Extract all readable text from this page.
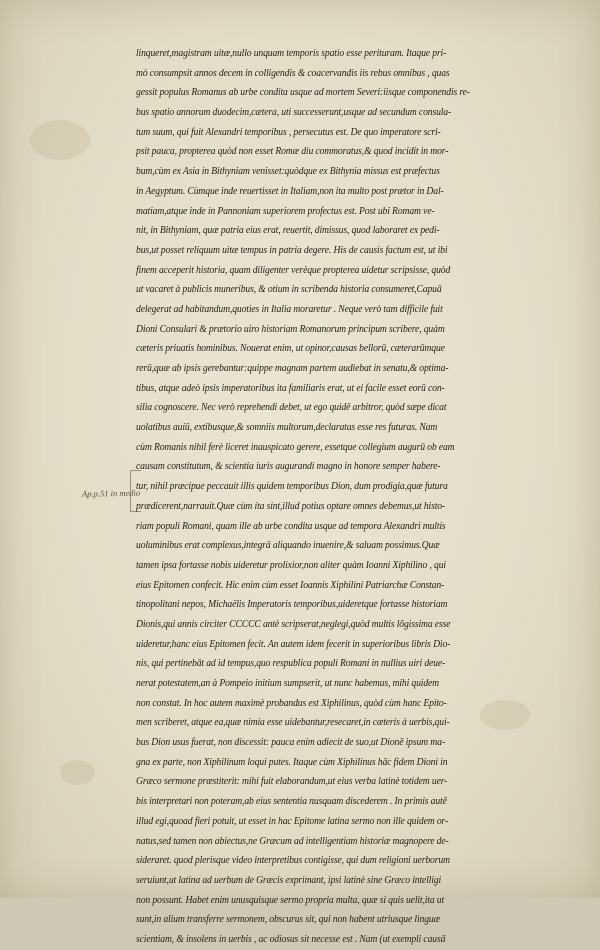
Ap.p.51 in medio
linqueret,magistram uitæ,nullo unquam temporis spatio esse perituram. Itaque pri-
mò consumpsit annos decem in colligendis & coacervandis iis rebus omnibus , quas
gessit populus Romanus ab urbe condita usque ad mortem Severi:iisque componendis re-
bus spatio annorum duodecim,cætera, uti successerunt,usque ad secundum consula-
tum suum, qui fuit Alexandri temporibus , persecutus est. De quo imperatore scri-
psit pauca, propterea quòd non esset Romæ diu commoratus,& quod incidit in mor-
bum,cùm ex Asia in Bithyniam venisset:quòdque ex Bithynia missus est præfectus
in Aegyptum. Cùmque inde reuertisset in Italiam,non ita multo post prætor in Dal-
matiam,atque inde in Pannoniam superiorem profectus est. Post ubi Romam ve-
nit, in Bithyniam, quæ patria eius erat, reuertit, dimissus, quod laboraret ex pedi-
bus,ut posset reliquum uitæ tempus in patria degere. His de causis factum est, ut ibi
finem acceperit historia, quam diligenter verèque propterea uidetur scripsisse, quòd
ut vacaret à publicis muneribus, & otium in scribenda historia consumeret,Capuā
delegerat ad habitandum,quoties in Italia moraretur . Neque verò tam difficile fuit
Dioni Consulari & prætorio uiro historiam Romanorum principum scribere, quàm
cæteris priuatis hominibus. Nouerat enim, ut opinor,causas bellorū, cæterarūmque
rerū,quæ ab ipsis gerebantur:quippe magnam partem audiebat in senatu,& optima-
tibus, atque adeò ipsis imperatoribus ita familiaris erat, ut ei facile esset eorū con-
silia cognoscere. Nec verò reprehendi debet, ut ego quidē arbitror, quòd sæpe dicat
uolatibus auiū, extibusque,& somniis multorum,declaratas esse res futuras. Nam
cùm Romanis nihil ferè liceret inauspicato gerere, essetque collegium augurū ob eam
causam constitutum, & scientia iuris augurandi magno in honore semper habere-
tur, nihil præcipue peccauit illis quidem temporibus Dion, dum prodigia,quæ futura
prædicerent,narrauit.Quæ cùm ita sint,illud potius optare omnes debemus,ut histo-
riam populi Romani, quam ille ab urbe condita usque ad tempora Alexandri multis
uoluminibus erat complexus,integrā aliquando inuenire,& saluam possimus.Quæ
tamen ipsa fortasse nobis uideretur prolixior,non aliter quàm Ioanni Xiphilino , qui
eius Epitomen confecit. Hic enim cùm esset Ioannis Xiphilini Patriarchæ Constan-
tinopolitani nepos, Michaëlis Imperatoris temporibus,uideretque fortasse historiam
Dionis,qui annis circiter CCCCC antè scripserat,neglegi,quòd multis lōgissima esse
uideretur,hanc eius Epitomen fecit. An autem idem fecerit in superioribus libris Dio-
nis, qui pertinebāt ad id tempus,quo respublica populi Romani in nullius uiri deue-
nerat potestatem,an à Pompeio initium sumpserit, ut nunc habemus, mihi quidem
non constat. In hoc autem maximè probandus est Xiphilinus, quòd cùm hanc Epito-
men scriberet, atque ea,quæ nimia esse uidebantur,resecaret,in cæteris à uerbis,qui-
bus Dion usus fuerat, non discessit: pauca enim adiecit de suo,ut Dionē ipsum ma-
gna ex parte, non Xiphilinum loqui putes. Itaque cùm Xiphilinus hāc fidem Dioni in
Græco sermone præstiterit: mihi fuit elaborandum,ut eius verba latinè totidem uer-
bis interpretari non poteram,ab eius sententia nusquam discederem . In primis autē
illud egi,quoad fieri potuit, ut esset in hac Epitome latina sermo non ille quidem or-
natus,sed tamen non abiectus,ne Græcum ad intelligentiam historiæ magnopere de-
sideraret. quod plerisque video interpretibus contigisse, qui dum religioni uerborum
seruiunt,ut latina ad uerbum de Græcis exprimant, ipsi latinè sine Græco intelligi
non possunt. Habet enim unusquisque sermo propria multa, quæ si quis uelit,ita ut
sunt,in alium transferre sermonem, obscurus sit, qui non habent utriusque linguæ
scientiam, & insolens in uerbis , ac odiosus sit necesse est . Nam (ut exempli causā
